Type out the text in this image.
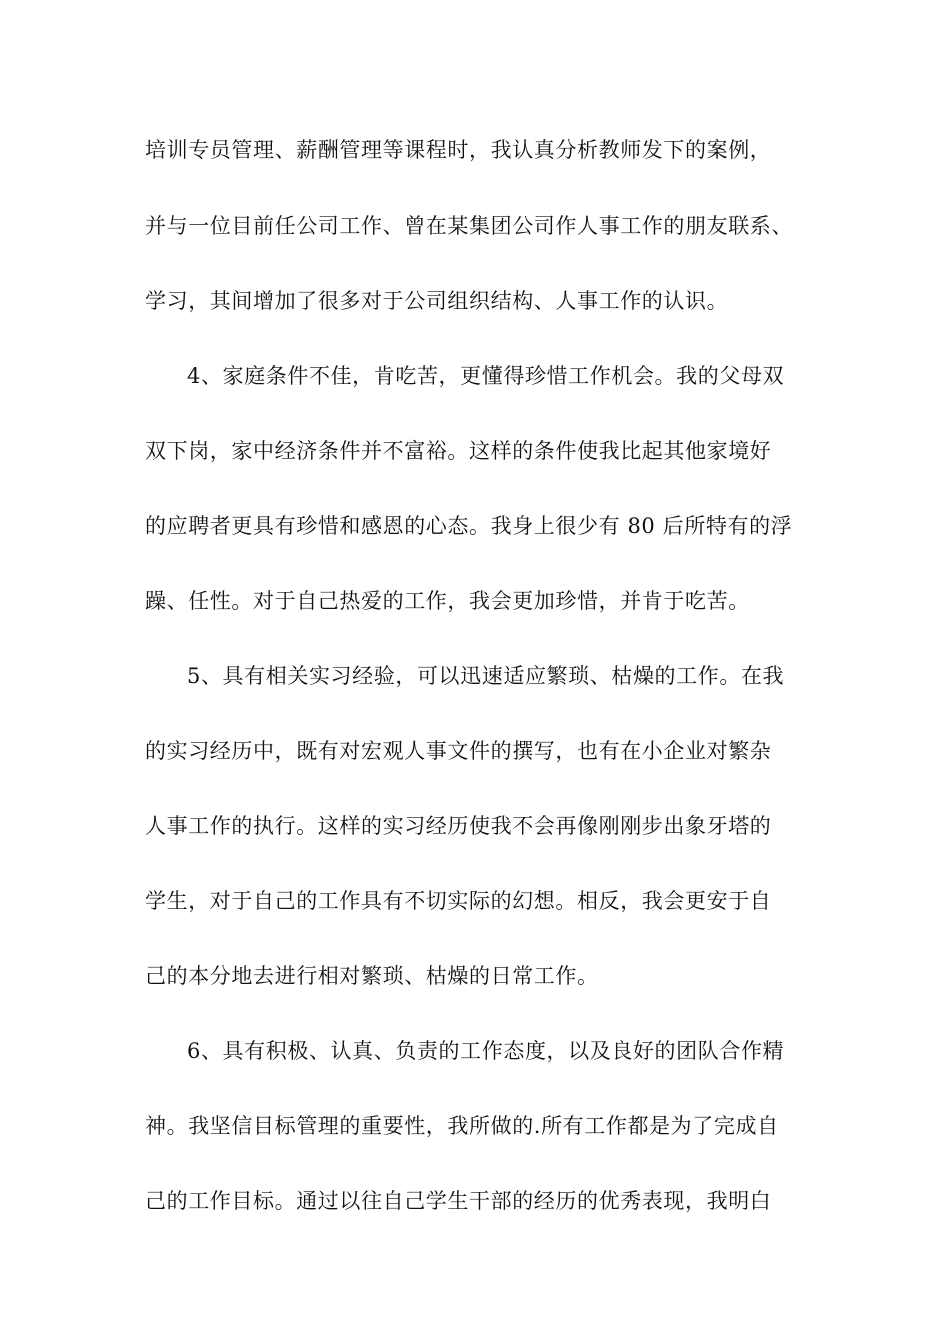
培训专员管理、薪酬管理等课程时，我认真分析教师发下的案例，
并与一位目前任公司工作、曾在某集团公司作人事工作的朋友联系、
学习，其间增加了很多对于公司组织结构、人事工作的认识。
4、家庭条件不佳，肯吃苦，更懂得珍惜工作机会。我的父母双
双下岗，家中经济条件并不富裕。这样的条件使我比起其他家境好
的应聘者更具有珍惜和感恩的心态。我身上很少有 80 后所特有的浮
躁、任性。对于自己热爱的工作，我会更加珍惜，并肯于吃苦。
5、具有相关实习经验，可以迅速适应繁琐、枯燥的工作。在我
的实习经历中，既有对宏观人事文件的撰写，也有在小企业对繁杂
人事工作的执行。这样的实习经历使我不会再像刚刚步出象牙塔的
学生，对于自己的工作具有不切实际的幻想。相反，我会更安于自
己的本分地去进行相对繁琐、枯燥的日常工作。
6、具有积极、认真、负责的工作态度，以及良好的团队合作精
神。我坚信目标管理的重要性，我所做的.所有工作都是为了完成自
己的工作目标。通过以往自己学生干部的经历的优秀表现，我明白
